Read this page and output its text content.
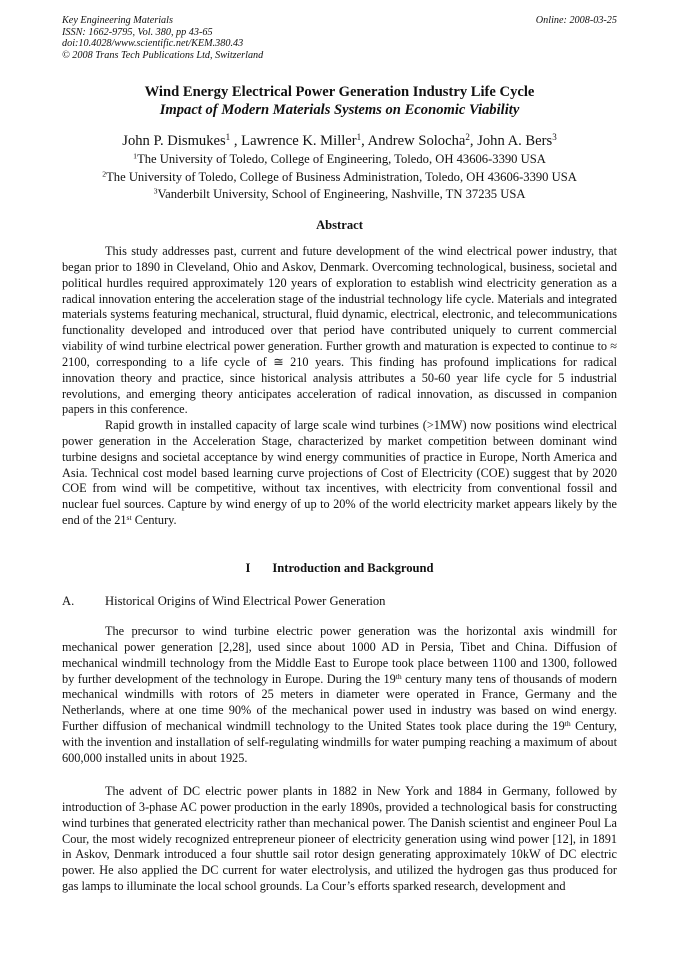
Key Engineering Materials
ISSN: 1662-9795, Vol. 380, pp 43-65
doi:10.4028/www.scientific.net/KEM.380.43
© 2008 Trans Tech Publications Ltd, Switzerland
Online: 2008-03-25
Wind Energy Electrical Power Generation Industry Life Cycle
Impact of Modern Materials Systems on Economic Viability
John P. Dismukes$^1$ , Lawrence K. Miller$^1$, Andrew Solocha$^2$, John A. Bers$^3$
$^1$The University of Toledo, College of Engineering, Toledo, OH 43606-3390 USA
$^2$The University of Toledo, College of Business Administration, Toledo, OH 43606-3390 USA
$^3$Vanderbilt University, School of Engineering, Nashville, TN 37235 USA
Abstract

This study addresses past, current and future development of the wind electrical power industry, that began prior to 1890 in Cleveland, Ohio and Askov, Denmark. Overcoming technological, business, societal and political hurdles required approximately 120 years of exploration to establish wind electricity generation as a radical innovation entering the acceleration stage of the industrial technology life cycle. Materials and integrated materials systems featuring mechanical, structural, fluid dynamic, electrical, electronic, and telecommunications functionality developed and introduced over that period have contributed uniquely to current commercial viability of wind turbine electrical power generation. Further growth and maturation is expected to continue to ≈ 2100, corresponding to a life cycle of ≅ 210 years. This finding has profound implications for radical innovation theory and practice, since historical analysis attributes a 50-60 year life cycle for 5 industrial revolutions, and emerging theory anticipates acceleration of radical innovation, as discussed in companion papers in this conference.

Rapid growth in installed capacity of large scale wind turbines (>1MW) now positions wind electrical power generation in the Acceleration Stage, characterized by market competition between dominant wind turbine designs and societal acceptance by wind energy communities of practice in Europe, North America and Asia. Technical cost model based learning curve projections of Cost of Electricity (COE) suggest that by 2020 COE from wind will be competitive, without tax incentives, with electricity from conventional fossil and nuclear fuel sources. Capture by wind energy of up to 20% of the world electricity market appears likely by the end of the 21st Century.

I Introduction and Background
A. Historical Origins of Wind Electrical Power Generation

The precursor to wind turbine electric power generation was the horizontal axis windmill for mechanical power generation [2,28], used since about 1000 AD in Persia, Tibet and China. Diffusion of mechanical windmill technology from the Middle East to Europe took place between 1100 and 1300, followed by further development of the technology in Europe. During the 19th century many tens of thousands of modern mechanical windmills with rotors of 25 meters in diameter were operated in France, Germany and the Netherlands, where at one time 90% of the mechanical power used in industry was based on wind energy. Further diffusion of mechanical windmill technology to the United States took place during the 19th Century, with the invention and installation of self-regulating windmills for water pumping reaching a maximum of about 600,000 installed units in about 1925.

The advent of DC electric power plants in 1882 in New York and 1884 in Germany, followed by introduction of 3-phase AC power production in the early 1890s, provided a technological basis for constructing wind turbines that generated electricity rather than mechanical power. The Danish scientist and engineer Poul La Cour, the most widely recognized entrepreneur pioneer of electricity generation using wind power [12], in 1891 in Askov, Denmark introduced a four shuttle sail rotor design generating approximately 10kW of DC electric power. He also applied the DC current for water electrolysis, and utilized the hydrogen gas thus produced for gas lamps to illuminate the local school grounds. La Cour’s efforts sparked research, development and
